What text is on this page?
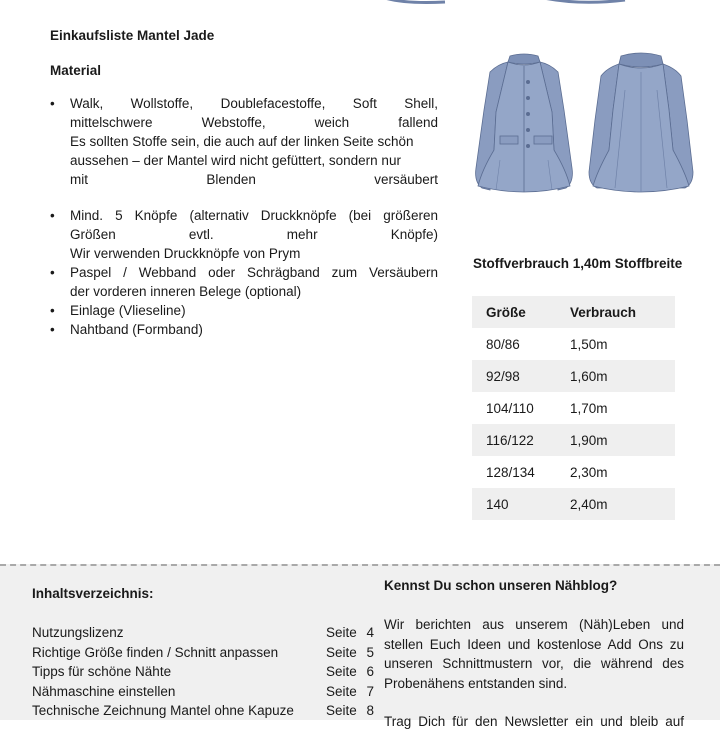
Einkaufsliste Mantel Jade
Material
• Walk, Wollstoffe, Doublefacestoffe, Soft Shell,
mittelschwere Webstoffe, weich fallend
Es sollten Stoffe sein, die auch auf der linken Seite schön
aussehen – der Mantel wird nicht gefüttert, sondern nur
mit Blenden versäubert
• Mind. 5 Knöpfe (alternativ Druckknöpfe (bei größeren
Größen evtl. mehr Knöpfe)
Wir verwenden Druckknöpfe von Prym
• Paspel / Webband oder Schrägband zum Versäubern
der vorderen inneren Belege (optional)
• Einlage (Vlieseline)
• Nahtband (Formband)
Stoffverbrauch 1,40m Stoffbreite
Größe	Verbrauch
80/86	1,50m
92/98	1,60m
104/110	1,70m
116/122	1,90m
128/134	2,30m
140	2,40m
Inhaltsverzeichnis:
Nutzungslizenz	Seite 4
Richtige Größe finden / Schnitt anpassen	Seite 5
Tipps für schöne Nähte	Seite 6
Nähmaschine einstellen	Seite 7
Technische Zeichnung Mantel ohne Kapuze Seite 8
Kennst Du schon unseren Nähblog?
Wir berichten aus unserem (Näh)Leben und
stellen Euch Ideen und kostenlose Add Ons zu
unseren Schnittmustern vor, die während des
Probenähens entstanden sind.
Trag Dich für den Newsletter ein und bleib auf
